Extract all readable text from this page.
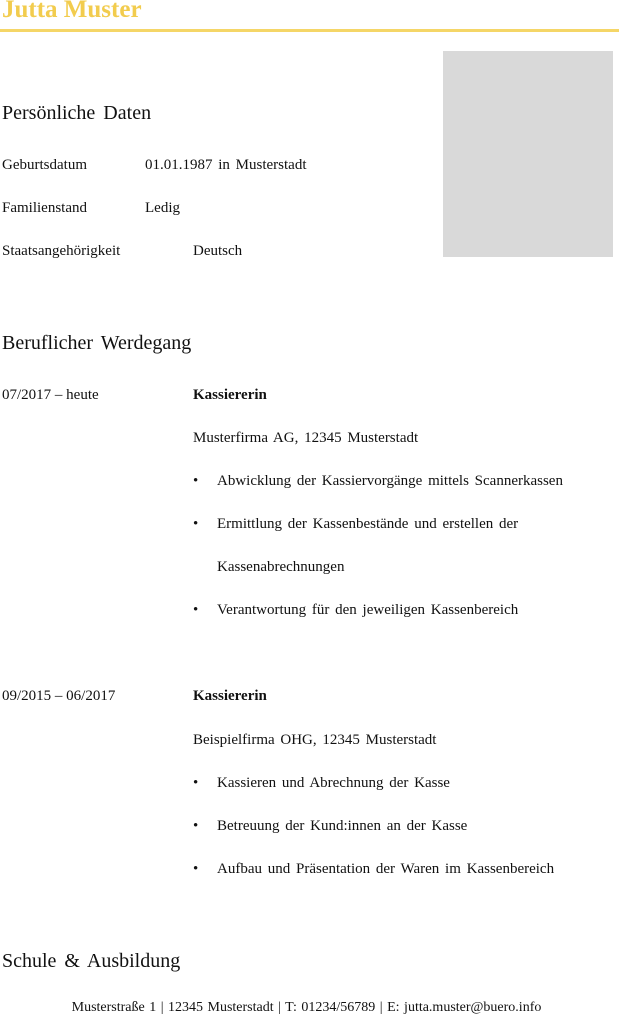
Jutta Muster
Persönliche Daten
Geburtsdatum	01.01.1987 in Musterstadt
Familienstand	Ledig
Staatsangehörigkeit	Deutsch
Beruflicher Werdegang
07/2017 – heute	Kassiererin
Musterfirma AG, 12345 Musterstadt
• Abwicklung der Kassiervorgänge mittels Scannerkassen
• Ermittlung der Kassenbestände und erstellen der
Kassenabrechnungen
• Verantwortung für den jeweiligen Kassenbereich
09/2015 – 06/2017	Kassiererin
Beispielfirma OHG, 12345 Musterstadt
• Kassieren und Abrechnung der Kasse
• Betreuung der Kund:innen an der Kasse
• Aufbau und Präsentation der Waren im Kassenbereich
Schule & Ausbildung
Musterstraße 1 | 12345 Musterstadt | T: 01234/56789 | E: jutta.muster@buero.info
